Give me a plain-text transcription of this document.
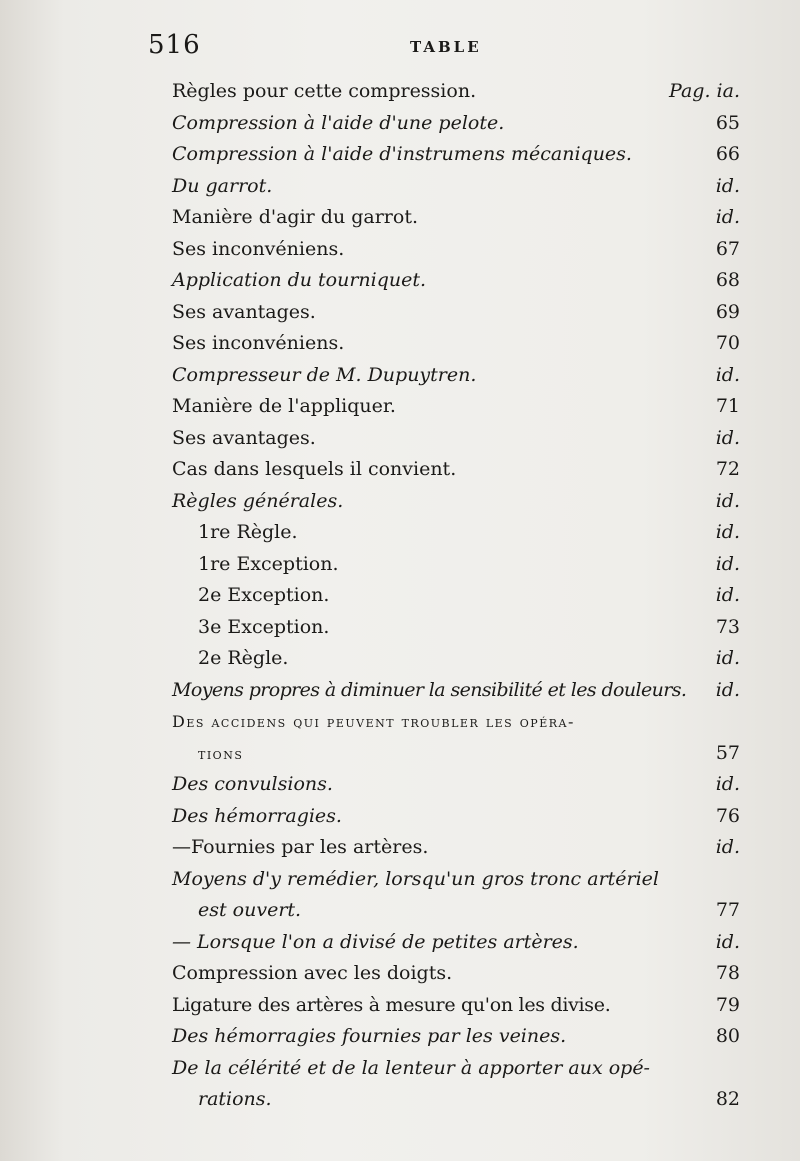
516	TABLE
Règles pour cette compression.	Pag. ia.
Compression à l'aide d'une pelote.	65
Compression à l'aide d'instrumens mécaniques.	66
Du garrot.	id.
Manière d'agir du garrot.	id.
Ses inconvéniens.	67
Application du tourniquet.	68
Ses avantages.	69
Ses inconvéniens.	70
Compresseur de M. Dupuytren.	id.
Manière de l'appliquer.	71
Ses avantages.	id.
Cas dans lesquels il convient.	72
Règles générales.	id.
1re Règle.	id.
1re Exception.	id.
2e Exception.	id.
3e Exception.	73
2e Règle.	id.
Moyens propres à diminuer la sensibilité et les douleurs. id.
Des accidens qui peuvent troubler les opéra-
tions	57
Des convulsions.	id.
Des hémorragies.	76
—Fournies par les artères.	id.
Moyens d'y remédier, lorsqu'un gros tronc artériel
est ouvert.	77
— Lorsque l'on a divisé de petites artères.	id.
Compression avec les doigts.	78
Ligature des artères à mesure qu'on les divise.	79
Des hémorragies fournies par les veines.	80
De la célérité et de la lenteur à apporter aux opé-
rations.	82
